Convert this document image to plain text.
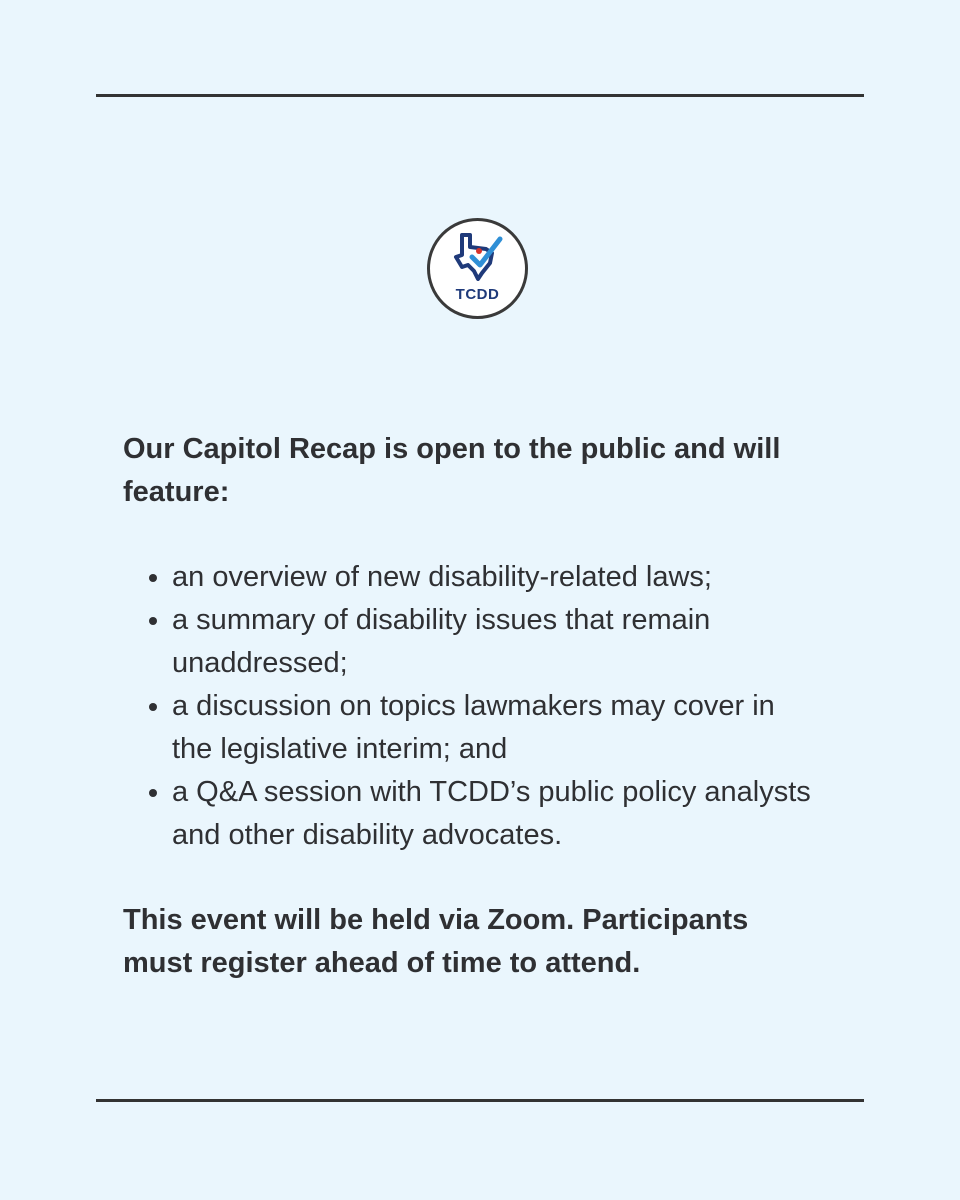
TCDD

Our Capitol Recap is open to the public and will feature:

an overview of new disability-related laws;
a summary of disability issues that remain unaddressed;
a discussion on topics lawmakers may cover in the legislative interim; and
a Q&A session with TCDD’s public policy analysts and other disability advocates.

This event will be held via Zoom. Participants must register ahead of time to attend.
